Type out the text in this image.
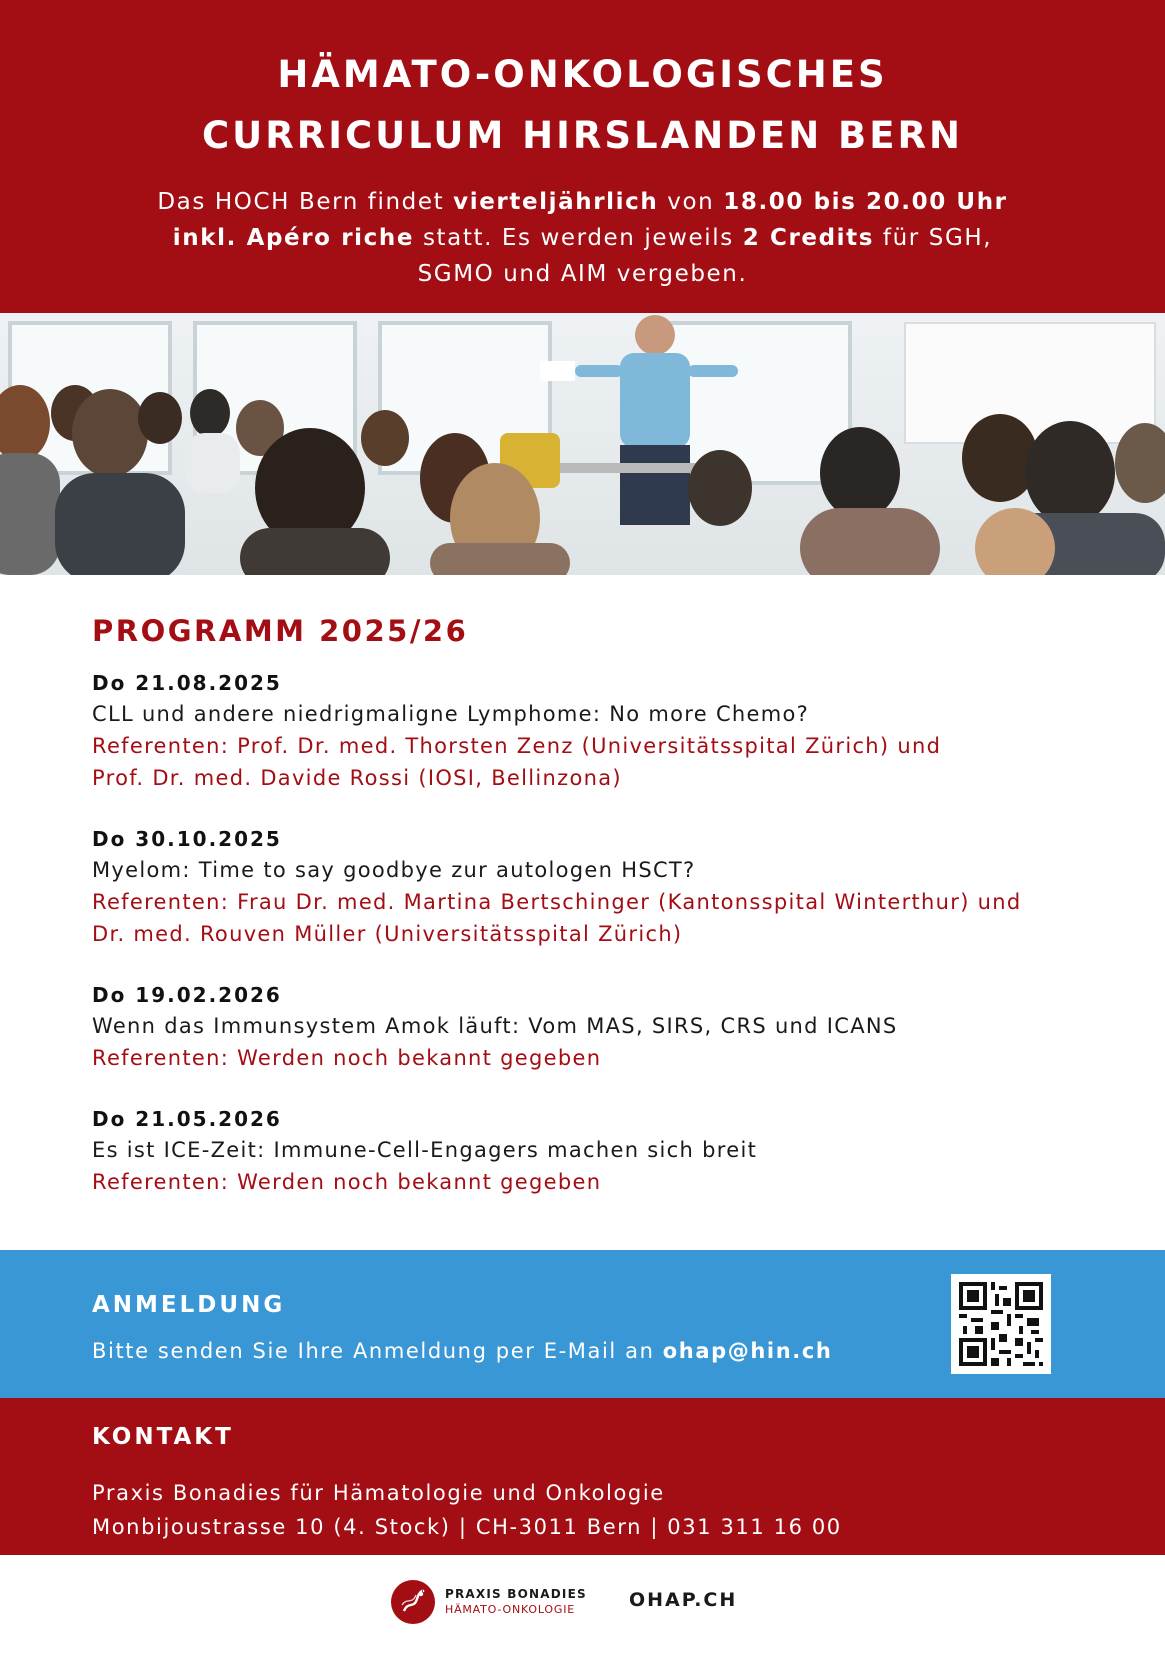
HÄMATO-ONKOLOGISCHES
CURRICULUM HIRSLANDEN BERN

Das HOCH Bern findet vierteljährlich von 18.00 bis 20.00 Uhr inkl. Apéro riche statt. Es werden jeweils 2 Credits für SGH, SGMO und AIM vergeben.

PROGRAMM 2025/26
Do 21.08.2025
CLL und andere niedrigmaligne Lymphome: No more Chemo?
Referenten: Prof. Dr. med. Thorsten Zenz (Universitätsspital Zürich) und
Prof. Dr. med. Davide Rossi (IOSI, Bellinzona)
Do 30.10.2025
Myelom: Time to say goodbye zur autologen HSCT?
Referenten: Frau Dr. med. Martina Bertschinger (Kantonsspital Winterthur) und
Dr. med. Rouven Müller (Universitätsspital Zürich)
Do 19.02.2026
Wenn das Immunsystem Amok läuft: Vom MAS, SIRS, CRS und ICANS
Referenten: Werden noch bekannt gegeben
Do 21.05.2026
Es ist ICE-Zeit: Immune-Cell-Engagers machen sich breit
Referenten: Werden noch bekannt gegeben
ANMELDUNG
Bitte senden Sie Ihre Anmeldung per E-Mail an ohap@hin.ch
KONTAKT
Praxis Bonadies für Hämatologie und Onkologie
Monbijoustrasse 10 (4. Stock) | CH-3011 Bern | 031 311 16 00
PRAXIS BONADIES
HÄMATO-ONKOLOGIE	OHAP.CH
